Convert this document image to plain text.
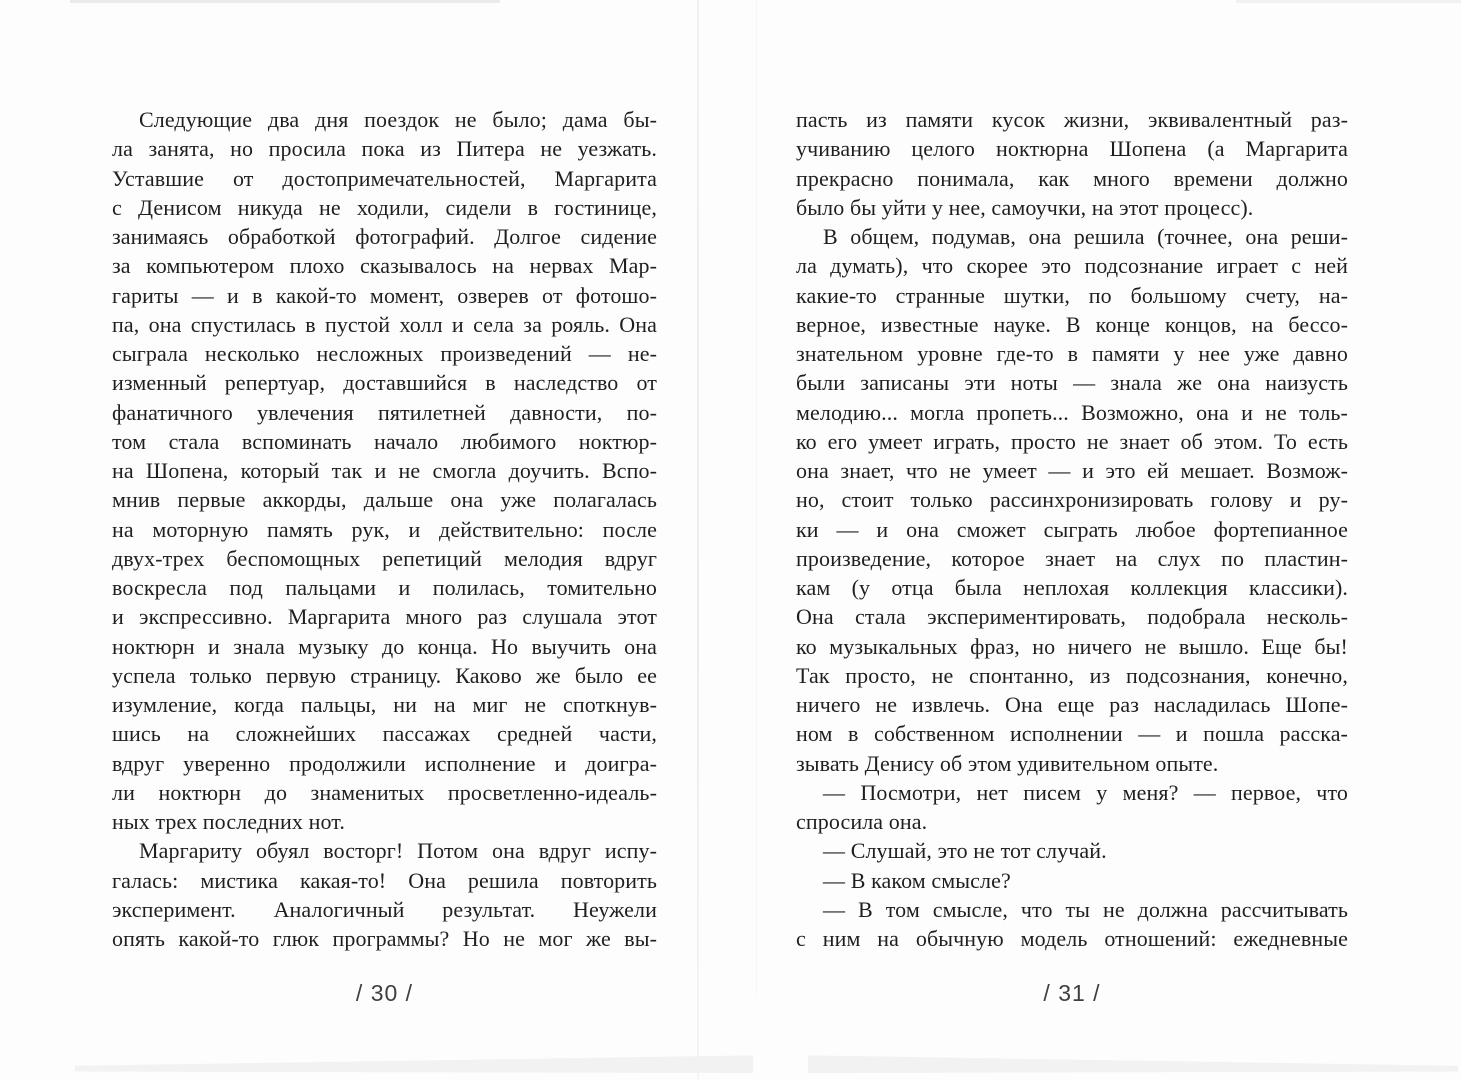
Следующие два дня поездок не было; дама бы-
ла занята, но просила пока из Питера не уезжать.
Уставшие от достопримечательностей, Маргарита
с Денисом никуда не ходили, сидели в гостинице,
занимаясь обработкой фотографий. Долгое сидение
за компьютером плохо сказывалось на нервах Мар-
гариты — и в какой-то момент, озверев от фотошо-
па, она спустилась в пустой холл и села за рояль. Она
сыграла несколько несложных произведений — не-
изменный репертуар, доставшийся в наследство от
фанатичного увлечения пятилетней давности, по-
том стала вспоминать начало любимого ноктюр-
на Шопена, который так и не смогла доучить. Вспо-
мнив первые аккорды, дальше она уже полагалась
на моторную память рук, и действительно: после
двух-трех беспомощных репетиций мелодия вдруг
воскресла под пальцами и полилась, томительно
и экспрессивно. Маргарита много раз слушала этот
ноктюрн и знала музыку до конца. Но выучить она
успела только первую страницу. Каково же было ее
изумление, когда пальцы, ни на миг не споткнув-
шись на сложнейших пассажах средней части,
вдруг уверенно продолжили исполнение и доигра-
ли ноктюрн до знаменитых просветленно-идеаль-
ных трех последних нот.
Маргариту обуял восторг! Потом она вдруг испу-
галась: мистика какая-то! Она решила повторить
эксперимент. Аналогичный результат. Неужели
опять какой-то глюк программы? Но не мог же вы-
/ 30 /
пасть из памяти кусок жизни, эквивалентный раз-
учиванию целого ноктюрна Шопена (а Маргарита
прекрасно понимала, как много времени должно
было бы уйти у нее, самоучки, на этот процесс).
В общем, подумав, она решила (точнее, она реши-
ла думать), что скорее это подсознание играет с ней
какие-то странные шутки, по большому счету, на-
верное, известные науке. В конце концов, на бессо-
знательном уровне где-то в памяти у нее уже давно
были записаны эти ноты — знала же она наизусть
мелодию... могла пропеть... Возможно, она и не толь-
ко его умеет играть, просто не знает об этом. То есть
она знает, что не умеет — и это ей мешает. Возмож-
но, стоит только рассинхронизировать голову и ру-
ки — и она сможет сыграть любое фортепианное
произведение, которое знает на слух по пластин-
кам (у отца была неплохая коллекция классики).
Она стала экспериментировать, подобрала несколь-
ко музыкальных фраз, но ничего не вышло. Еще бы!
Так просто, не спонтанно, из подсознания, конечно,
ничего не извлечь. Она еще раз насладилась Шопе-
ном в собственном исполнении — и пошла расска-
зывать Денису об этом удивительном опыте.
— Посмотри, нет писем у меня? — первое, что
спросила она.
— Слушай, это не тот случай.
— В каком смысле?
— В том смысле, что ты не должна рассчитывать
с ним на обычную модель отношений: ежедневные
/ 31 /
